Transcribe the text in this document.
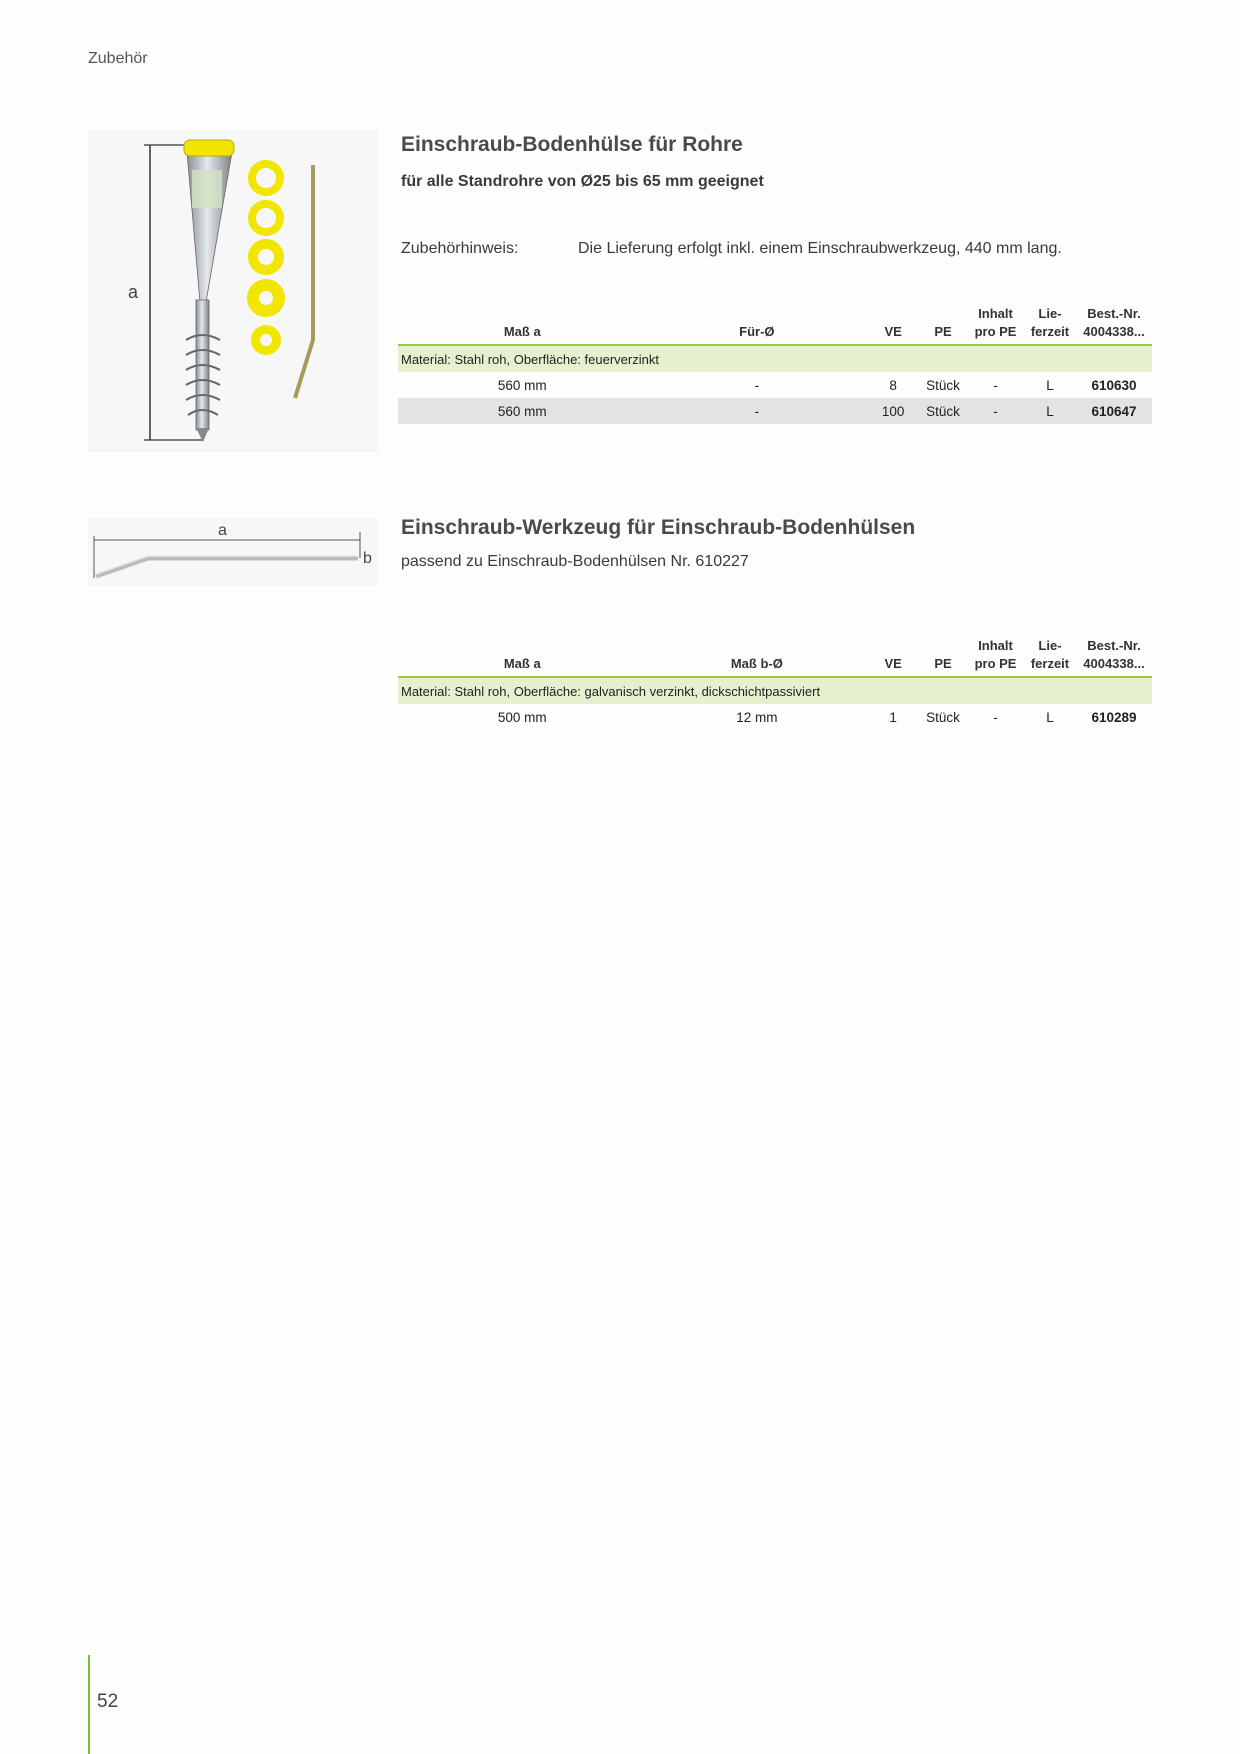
Zubehör
a
Einschraub-Bodenhülse für Rohre
für alle Standrohre von Ø25 bis 65 mm geeignet
Zubehörhinweis:	Die Lieferung erfolgt inkl. einem Einschraubwerkzeug, 440 mm lang.
Maß a	Für-Ø	VE	PE	Inhalt pro PE	Lie- ferzeit	Best.-Nr. 4004338...
Material: Stahl roh, Oberfläche: feuerverzinkt						
560 mm	-	8	Stück	-	L	610630
560 mm	-	100	Stück	-	L	610647
a
b
Einschraub-Werkzeug für Einschraub-Bodenhülsen
passend zu Einschraub-Bodenhülsen Nr. 610227
Maß a	Maß b-Ø	VE	PE	Inhalt pro PE	Lie- ferzeit	Best.-Nr. 4004338...
Material: Stahl roh, Oberfläche: galvanisch verzinkt, dickschichtpassiviert						
500 mm	12 mm	1	Stück	-	L	610289
52
